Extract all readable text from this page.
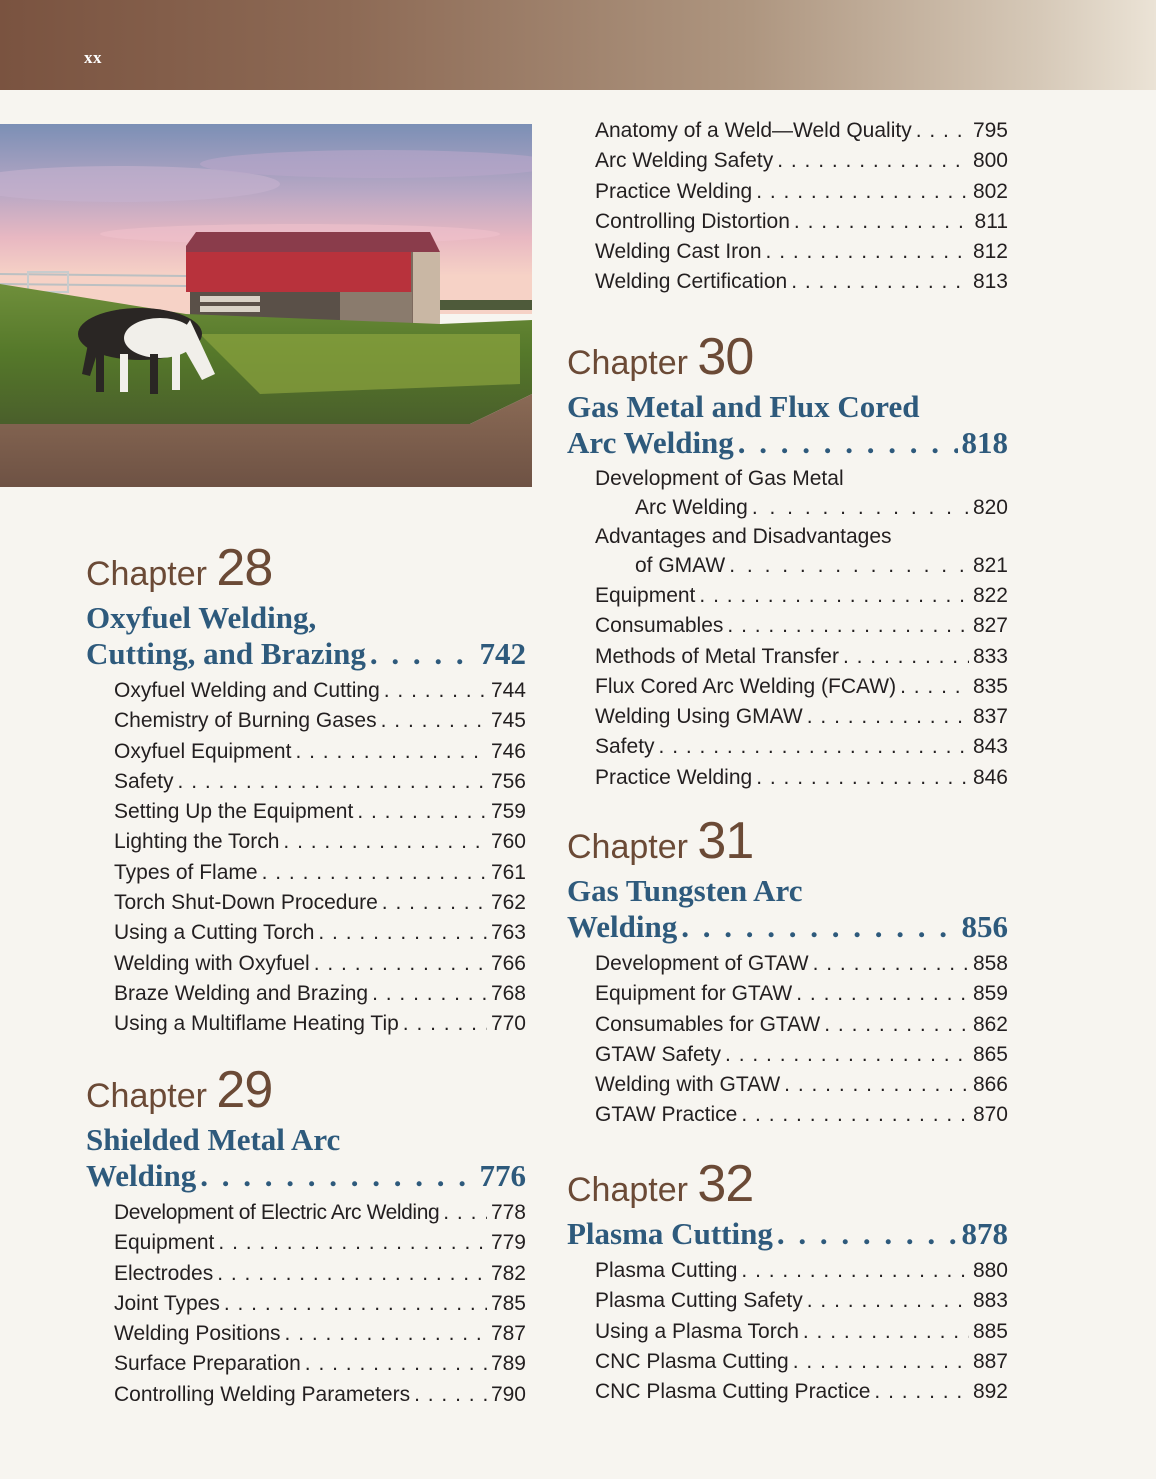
xx
Chapter 28
Oxyfuel Welding,
Cutting, and Brazing . . .	742
Oxyfuel Welding and Cutting . . .	744
Chemistry of Burning Gases . . .	745
Oxyfuel Equipment . . .	746
Safety . . .	756
Setting Up the Equipment . . .	759
Lighting the Torch . . .	760
Types of Flame . . .	761
Torch Shut-Down Procedure . . .	762
Using a Cutting Torch . . .	763
Welding with Oxyfuel . . .	766
Braze Welding and Brazing . . .	768
Using a Multiflame Heating Tip . . .	770
Chapter 29
Shielded Metal Arc
Welding . . .	776
Development of Electric Arc Welding . . . 778
Equipment . . .	779
Electrodes . . .	782
Joint Types . . .	785
Welding Positions . . .	787
Surface Preparation . . .	789
Controlling Welding Parameters . . .	790
Anatomy of a Weld—Weld Quality . . .	795
Arc Welding Safety . . .	800
Practice Welding . . .	802
Controlling Distortion . . .	811
Welding Cast Iron . . .	812
Welding Certification . . .	813
Chapter 30
Gas Metal and Flux Cored
Arc Welding . . .	818
Development of Gas Metal
Arc Welding . . .	820
Advantages and Disadvantages
of GMAW . . .	821
Equipment . . .	822
Consumables . . .	827
Methods of Metal Transfer . . .	833
Flux Cored Arc Welding (FCAW) . . .	835
Welding Using GMAW . . .	837
Safety . . .	843
Practice Welding . . .	846
Chapter 31
Gas Tungsten Arc
Welding . . .	856
Development of GTAW . . .	858
Equipment for GTAW . . .	859
Consumables for GTAW . . .	862
GTAW Safety . . .	865
Welding with GTAW . . .	866
GTAW Practice . . .	870
Chapter 32
Plasma Cutting . . .	878
Plasma Cutting . . .	880
Plasma Cutting Safety . . .	883
Using a Plasma Torch . . .	885
CNC Plasma Cutting . . .	887
CNC Plasma Cutting Practice . . .	892
